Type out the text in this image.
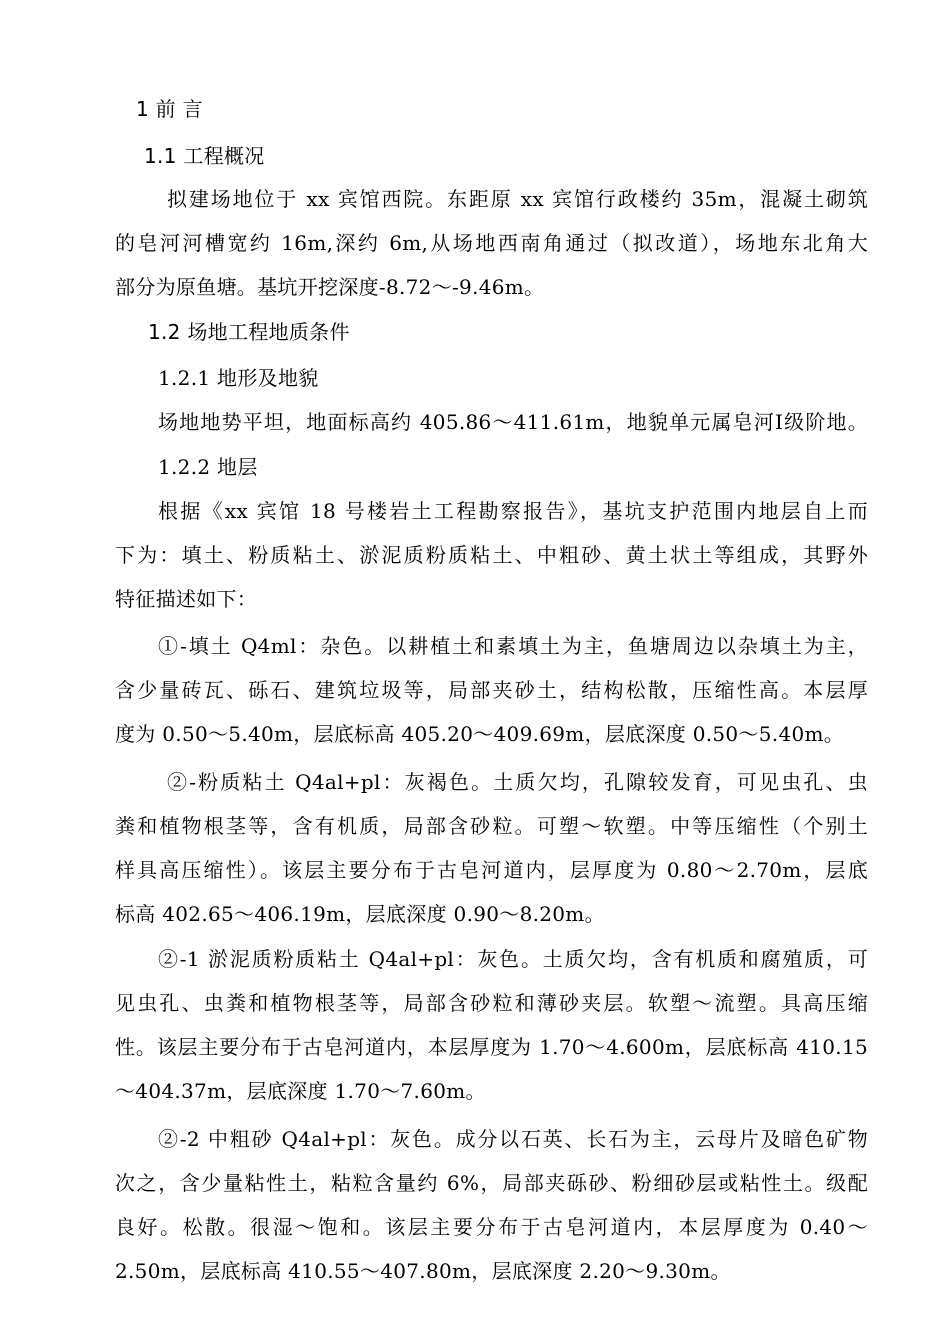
1 前 言
1.1 工程概况
拟建场地位于 xx 宾馆西院。东距原 xx 宾馆行政楼约 35m，混凝土砌筑
的皂河河槽宽约 16m,深约 6m,从场地西南角通过（拟改道），场地东北角大
部分为原鱼塘。基坑开挖深度-8.72～-9.46m。
1.2 场地工程地质条件
1.2.1 地形及地貌
场地地势平坦，地面标高约 405.86～411.61m，地貌单元属皂河Ⅰ级阶地。
1.2.2 地层
根据《xx 宾馆 18 号楼岩土工程勘察报告》，基坑支护范围内地层自上而
下为：填土、粉质粘土、淤泥质粉质粘土、中粗砂、黄土状土等组成，其野外
特征描述如下：
①-填土 Q4ml：杂色。以耕植土和素填土为主，鱼塘周边以杂填土为主，
含少量砖瓦、砾石、建筑垃圾等，局部夹砂土，结构松散，压缩性高。本层厚
度为 0.50～5.40m，层底标高 405.20～409.69m，层底深度 0.50～5.40m。
②-粉质粘土 Q4al+pl：灰褐色。土质欠均，孔隙较发育，可见虫孔、虫
粪和植物根茎等，含有机质，局部含砂粒。可塑～软塑。中等压缩性（个别土
样具高压缩性）。该层主要分布于古皂河道内，层厚度为 0.80～2.70m，层底
标高 402.65～406.19m，层底深度 0.90～8.20m。
②-1 淤泥质粉质粘土 Q4al+pl：灰色。土质欠均，含有机质和腐殖质，可
见虫孔、虫粪和植物根茎等，局部含砂粒和薄砂夹层。软塑～流塑。具高压缩
性。该层主要分布于古皂河道内，本层厚度为 1.70～4.600m，层底标高 410.15
～404.37m，层底深度 1.70～7.60m。
②-2 中粗砂 Q4al+pl：灰色。成分以石英、长石为主，云母片及暗色矿物
次之，含少量粘性土，粘粒含量约 6%，局部夹砾砂、粉细砂层或粘性土。级配
良好。松散。很湿～饱和。该层主要分布于古皂河道内，本层厚度为 0.40～
2.50m，层底标高 410.55～407.80m，层底深度 2.20～9.30m。
